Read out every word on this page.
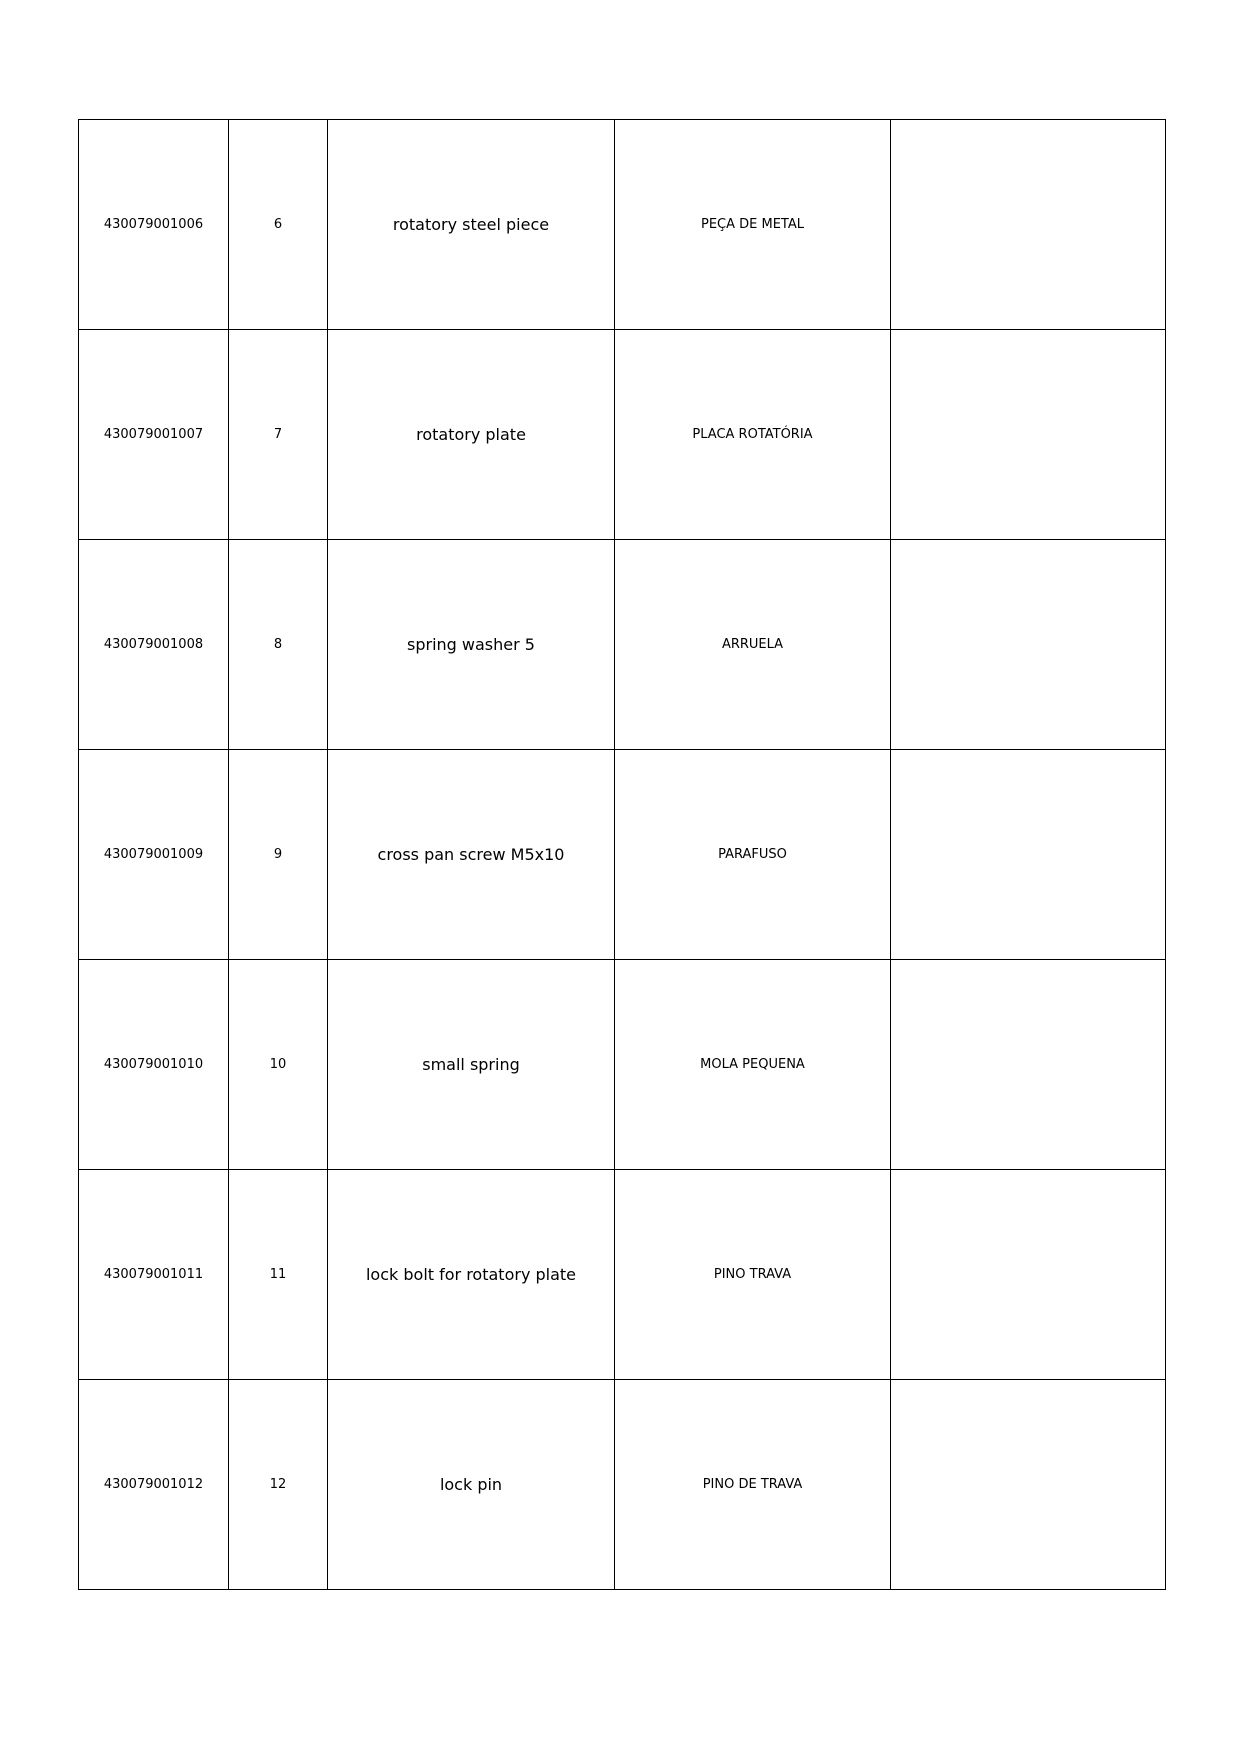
430079001006	6	rotatory steel piece	PEÇA DE METAL	
430079001007	7	rotatory plate	PLACA ROTATÓRIA	
430079001008	8	spring washer 5	ARRUELA	
430079001009	9	cross pan screw M5x10	PARAFUSO	
430079001010	10	small spring	MOLA PEQUENA	
430079001011	11	lock bolt for rotatory plate	PINO TRAVA	
430079001012	12	lock pin	PINO DE TRAVA	
